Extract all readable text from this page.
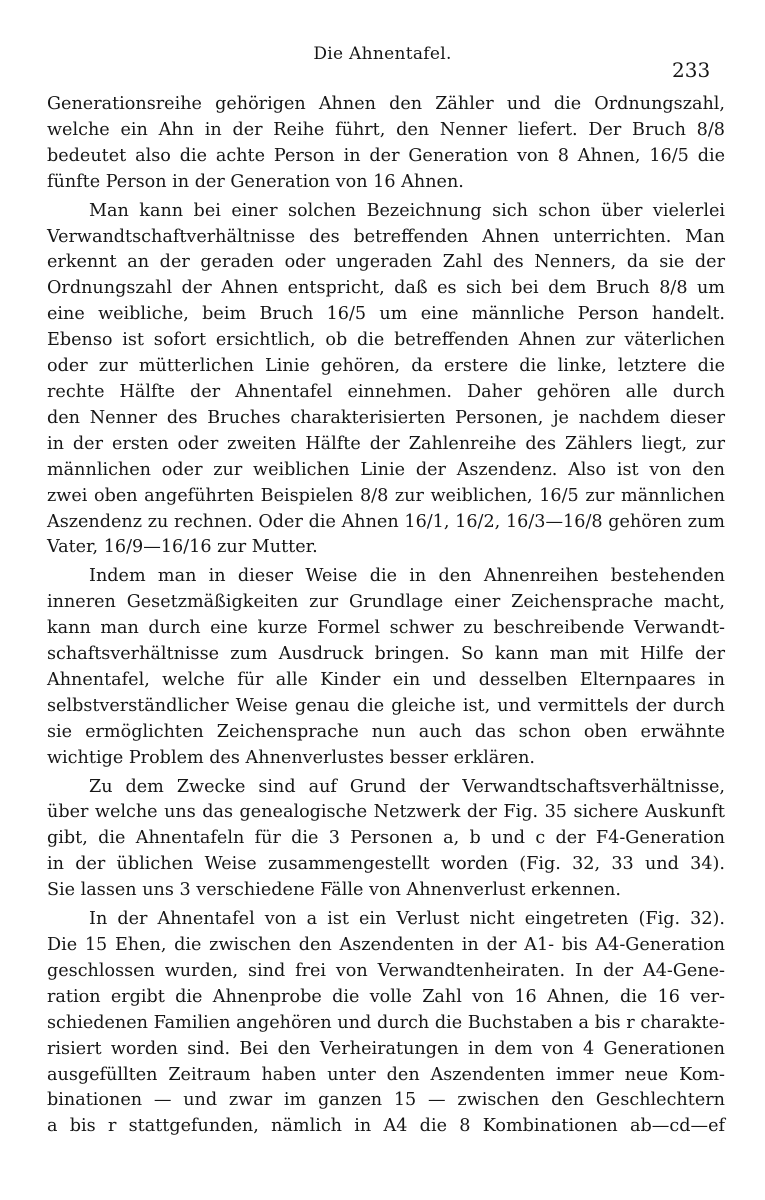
Die Ahnentafel.
233
Generationsreihe gehörigen Ahnen den Zähler und die Ordnungszahl,
welche ein Ahn in der Reihe führt, den Nenner liefert. Der Bruch 8/8
bedeutet also die achte Person in der Generation von 8 Ahnen, 16/5 die
fünfte Person in der Generation von 16 Ahnen.
Man kann bei einer solchen Bezeichnung sich schon über vielerlei
Verwandtschaftverhältnisse des betreffenden Ahnen unterrichten. Man
erkennt an der geraden oder ungeraden Zahl des Nenners, da sie der
Ordnungszahl der Ahnen entspricht, daß es sich bei dem Bruch 8/8 um
eine weibliche, beim Bruch 16/5 um eine männliche Person handelt.
Ebenso ist sofort ersichtlich, ob die betreffenden Ahnen zur väterlichen
oder zur mütterlichen Linie gehören, da erstere die linke, letztere die
rechte Hälfte der Ahnentafel einnehmen. Daher gehören alle durch
den Nenner des Bruches charakterisierten Personen, je nachdem dieser
in der ersten oder zweiten Hälfte der Zahlenreihe des Zählers liegt, zur
männlichen oder zur weiblichen Linie der Aszendenz. Also ist von den
zwei oben angeführten Beispielen 8/8 zur weiblichen, 16/5 zur männlichen
Aszendenz zu rechnen. Oder die Ahnen 16/1, 16/2, 16/3—16/8 gehören zum
Vater, 16/9—16/16 zur Mutter.
Indem man in dieser Weise die in den Ahnenreihen bestehenden
inneren Gesetzmäßigkeiten zur Grundlage einer Zeichensprache macht,
kann man durch eine kurze Formel schwer zu beschreibende Verwandt-
schaftsverhältnisse zum Ausdruck bringen. So kann man mit Hilfe der
Ahnentafel, welche für alle Kinder ein und desselben Elternpaares in
selbstverständlicher Weise genau die gleiche ist, und vermittels der durch
sie ermöglichten Zeichensprache nun auch das schon oben erwähnte
wichtige Problem des Ahnenverlustes besser erklären.
Zu dem Zwecke sind auf Grund der Verwandtschaftsverhältnisse,
über welche uns das genealogische Netzwerk der Fig. 35 sichere Auskunft
gibt, die Ahnentafeln für die 3 Personen a, b und c der F4-Generation
in der üblichen Weise zusammengestellt worden (Fig. 32, 33 und 34).
Sie lassen uns 3 verschiedene Fälle von Ahnenverlust erkennen.
In der Ahnentafel von a ist ein Verlust nicht eingetreten (Fig. 32).
Die 15 Ehen, die zwischen den Aszendenten in der A1- bis A4-Generation
geschlossen wurden, sind frei von Verwandtenheiraten. In der A4-Gene-
ration ergibt die Ahnenprobe die volle Zahl von 16 Ahnen, die 16 ver-
schiedenen Familien angehören und durch die Buchstaben a bis r charakte-
risiert worden sind. Bei den Verheiratungen in dem von 4 Generationen
ausgefüllten Zeitraum haben unter den Aszendenten immer neue Kom-
binationen — und zwar im ganzen 15 — zwischen den Geschlechtern
a bis r stattgefunden, nämlich in A4 die 8 Kombinationen ab—cd—ef
